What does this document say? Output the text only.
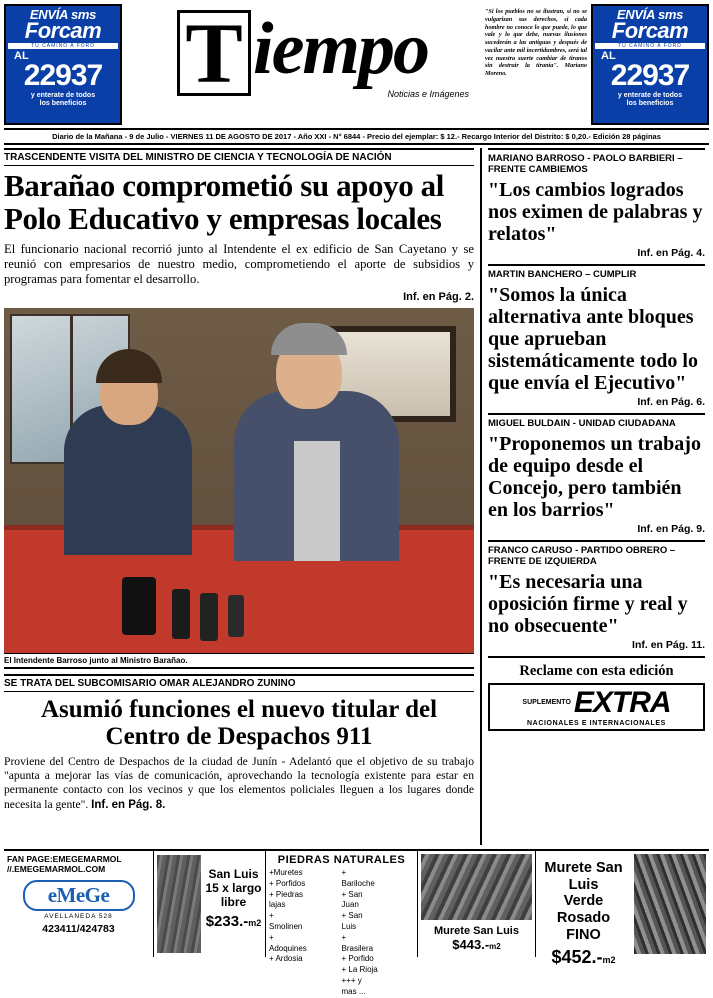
ENVÍA sms
Forcam
TU CAMINO A FORD
AL
22937
y enterate de todos
los beneficios
T iempo
Noticias e Imágenes
"Si los pueblos no se ilustran, si no se vulgarizan sus derechos, si cada hombre no conoce lo que puede, lo que vale y lo que debe, nuevas ilusiones sucederán a las antiguas y después de vacilar ante mil incertidumbres, será tal vez nuestra suerte cambiar de tiranos sin destruir la tiranía". Mariano Moreno.
ENVÍA sms
Forcam
TU CAMINO A FORD
AL
22937
y enterate de todos
los beneficios
Diario de la Mañana - 9 de Julio - VIERNES 11 DE AGOSTO DE 2017 - Año XXI - N° 6844 - Precio del ejemplar: $ 12.- Recargo Interior del Distrito: $ 0,20.- Edición 28 páginas
TRASCENDENTE VISITA DEL MINISTRO DE CIENCIA Y TECNOLOGÍA DE NACIÓN
Barañao comprometió su apoyo al Polo Educativo y empresas locales

El funcionario nacional recorrió junto al Intendente el ex edificio de San Cayetano y se reunió con empresarios de nuestro medio, comprometiendo el aporte de subsidios y programas para fomentar el desarrollo.

Inf. en Pág. 2.
El Intendente Barroso junto al Ministro Barañao.
SE TRATA DEL SUBCOMISARIO OMAR ALEJANDRO ZUNINO
Asumió funciones el nuevo titular del Centro de Despachos 911

Proviene del Centro de Despachos de la ciudad de Junín - Adelantó que el objetivo de su trabajo "apunta a mejorar las vías de comunicación, aprovechando la tecnología existente para estar en permanente contacto con los vecinos y que los elementos policiales lleguen a los lugares donde necesita la gente". Inf. en Pág. 8.

MARIANO BARROSO - PAOLO BARBIERI – FRENTE CAMBIEMOS

"Los cambios logrados nos eximen de palabras y relatos"

Inf. en Pág. 4.
MARTIN BANCHERO – CUMPLIR

"Somos la única alternativa ante bloques que aprueban sistemáticamente todo lo que envía el Ejecutivo"

Inf. en Pág. 6.
MIGUEL BULDAIN - UNIDAD CIUDADANA

"Proponemos un trabajo de equipo desde el Concejo, pero también en los barrios"

Inf. en Pág. 9.
FRANCO CARUSO - PARTIDO OBRERO – FRENTE DE IZQUIERDA

"Es necesaria una oposición firme y real y no obsecuente"

Inf. en Pág. 11.
Reclame con esta edición
SUPLEMENTO EXTRA
NACIONALES E INTERNACIONALES
FAN PAGE:EMEGEMARMOL
//.EMEGEMARMOL.COM
eMeGe
AVELLANEDA 528
423411/424783
San Luis
15 x largo libre
$233.-m2
PIEDRAS NATURALES
+Muretes
+ Porfidos
+ Piedras lajas
+ Smolinen
+ Adoquines
+ Ardosia
+ Bariloche
+ San Juan
+ San Luis
+ Brasilera
+ Porfido
+ La Rioja
+++ y mas ...
Murete San Luis
$443.-m2
Murete San Luis
Verde Rosado
FINO
$452.-m2
